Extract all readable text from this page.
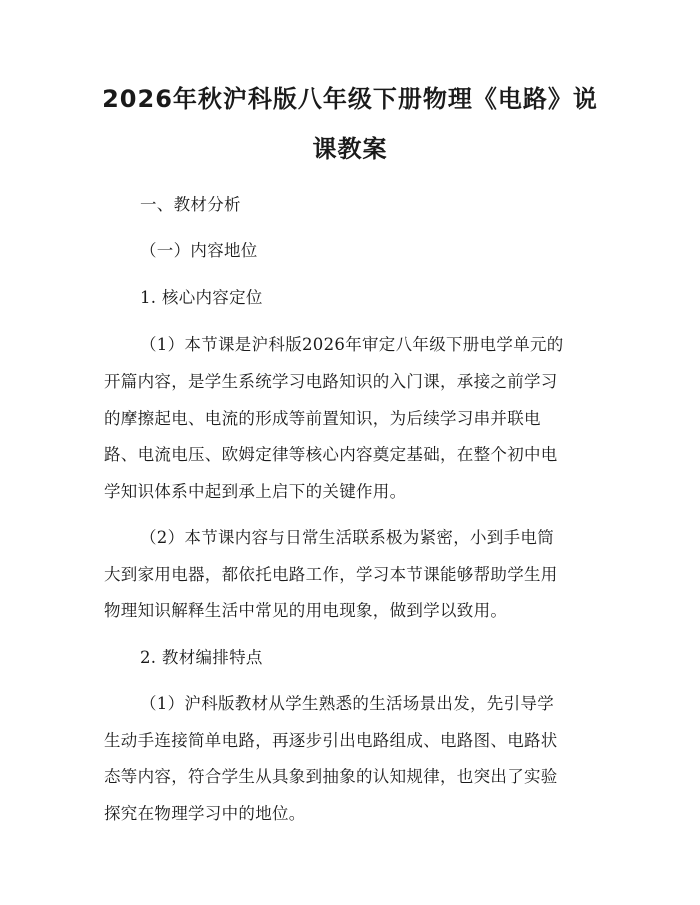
2026年秋沪科版八年级下册物理《电路》说
课教案

一、教材分析

（一）内容地位

1. 核心内容定位

（1）本节课是沪科版2026年审定八年级下册电学单元的

开篇内容，是学生系统学习电路知识的入门课，承接之前学习

的摩擦起电、电流的形成等前置知识，为后续学习串并联电

路、电流电压、欧姆定律等核心内容奠定基础，在整个初中电

学知识体系中起到承上启下的关键作用。

（2）本节课内容与日常生活联系极为紧密，小到手电筒

大到家用电器，都依托电路工作，学习本节课能够帮助学生用

物理知识解释生活中常见的用电现象，做到学以致用。

2. 教材编排特点

（1）沪科版教材从学生熟悉的生活场景出发，先引导学

生动手连接简单电路，再逐步引出电路组成、电路图、电路状

态等内容，符合学生从具象到抽象的认知规律，也突出了实验

探究在物理学习中的地位。
